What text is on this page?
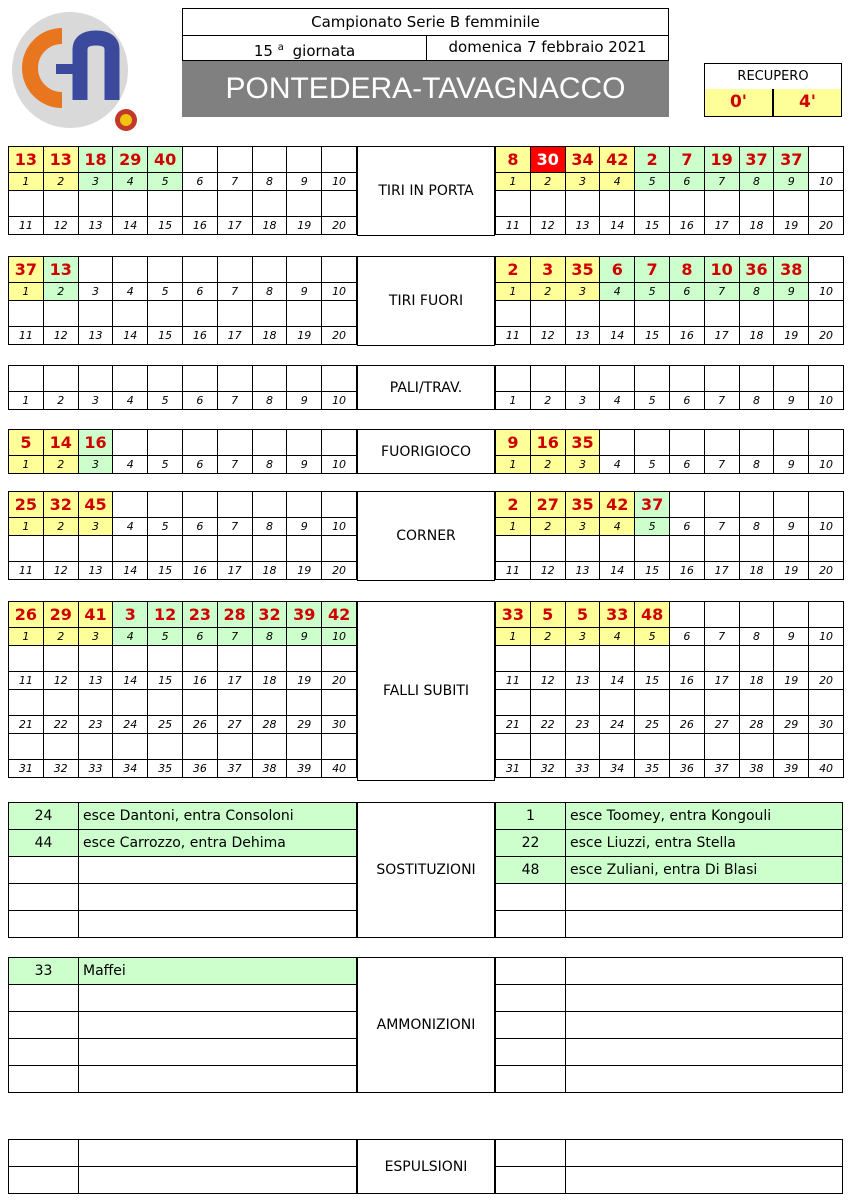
Campionato Serie B femminile
15 $^a$ giornata	domenica 7 febbraio 2021
PONTEDERA-TAVAGNACCO	RECUPERO
0'	4'
13	13	18	29	40					
1	2	3	4	5	6	7	8	9	10

11	12	13	14	15	16	17	18	19	20
8	30	34	42	2	7	19	37	37	
1	2	3	4	5	6	7	8	9	10

11	12	13	14	15	16	17	18	19	20
TIRI IN PORTA
37	13								
1	2	3	4	5	6	7	8	9	10

11	12	13	14	15	16	17	18	19	20
2	3	35	6	7	8	10	36	38	
1	2	3	4	5	6	7	8	9	10

11	12	13	14	15	16	17	18	19	20
TIRI FUORI

1	2	3	4	5	6	7	8	9	10
										1	2	3	4	5	6	7	8	9	10
PALI/TRAV.
5	14	16							
1	2	3	4	5	6	7	8	9	10
9	16	35							
1	2	3	4	5	6	7	8	9	10
FUORIGIOCO
25	32	45							
1	2	3	4	5	6	7	8	9	10

11	12	13	14	15	16	17	18	19	20
2	27	35	42	37					
1	2	3	4	5	6	7	8	9	10

11	12	13	14	15	16	17	18	19	20
CORNER
26	29	41	3	12	23	28	32	39	42
1	2	3	4	5	6	7	8	9	10

11	12	13	14	15	16	17	18	19	20

21	22	23	24	25	26	27	28	29	30

31	32	33	34	35	36	37	38	39	40
33	5	5	33	48					
1	2	3	4	5	6	7	8	9	10

11	12	13	14	15	16	17	18	19	20

21	22	23	24	25	26	27	28	29	30

31	32	33	34	35	36	37	38	39	40
FALLI SUBITI
24	esce Dantoni, entra Consoloni
44	esce Carrozzo, entra Dehima

1	esce Toomey, entra Kongouli
22	esce Liuzzi, entra Stella
48	esce Zuliani, entra Di Blasi

SOSTITUZIONI
33	Maffei

AMMONIZIONI

ESPULSIONI
